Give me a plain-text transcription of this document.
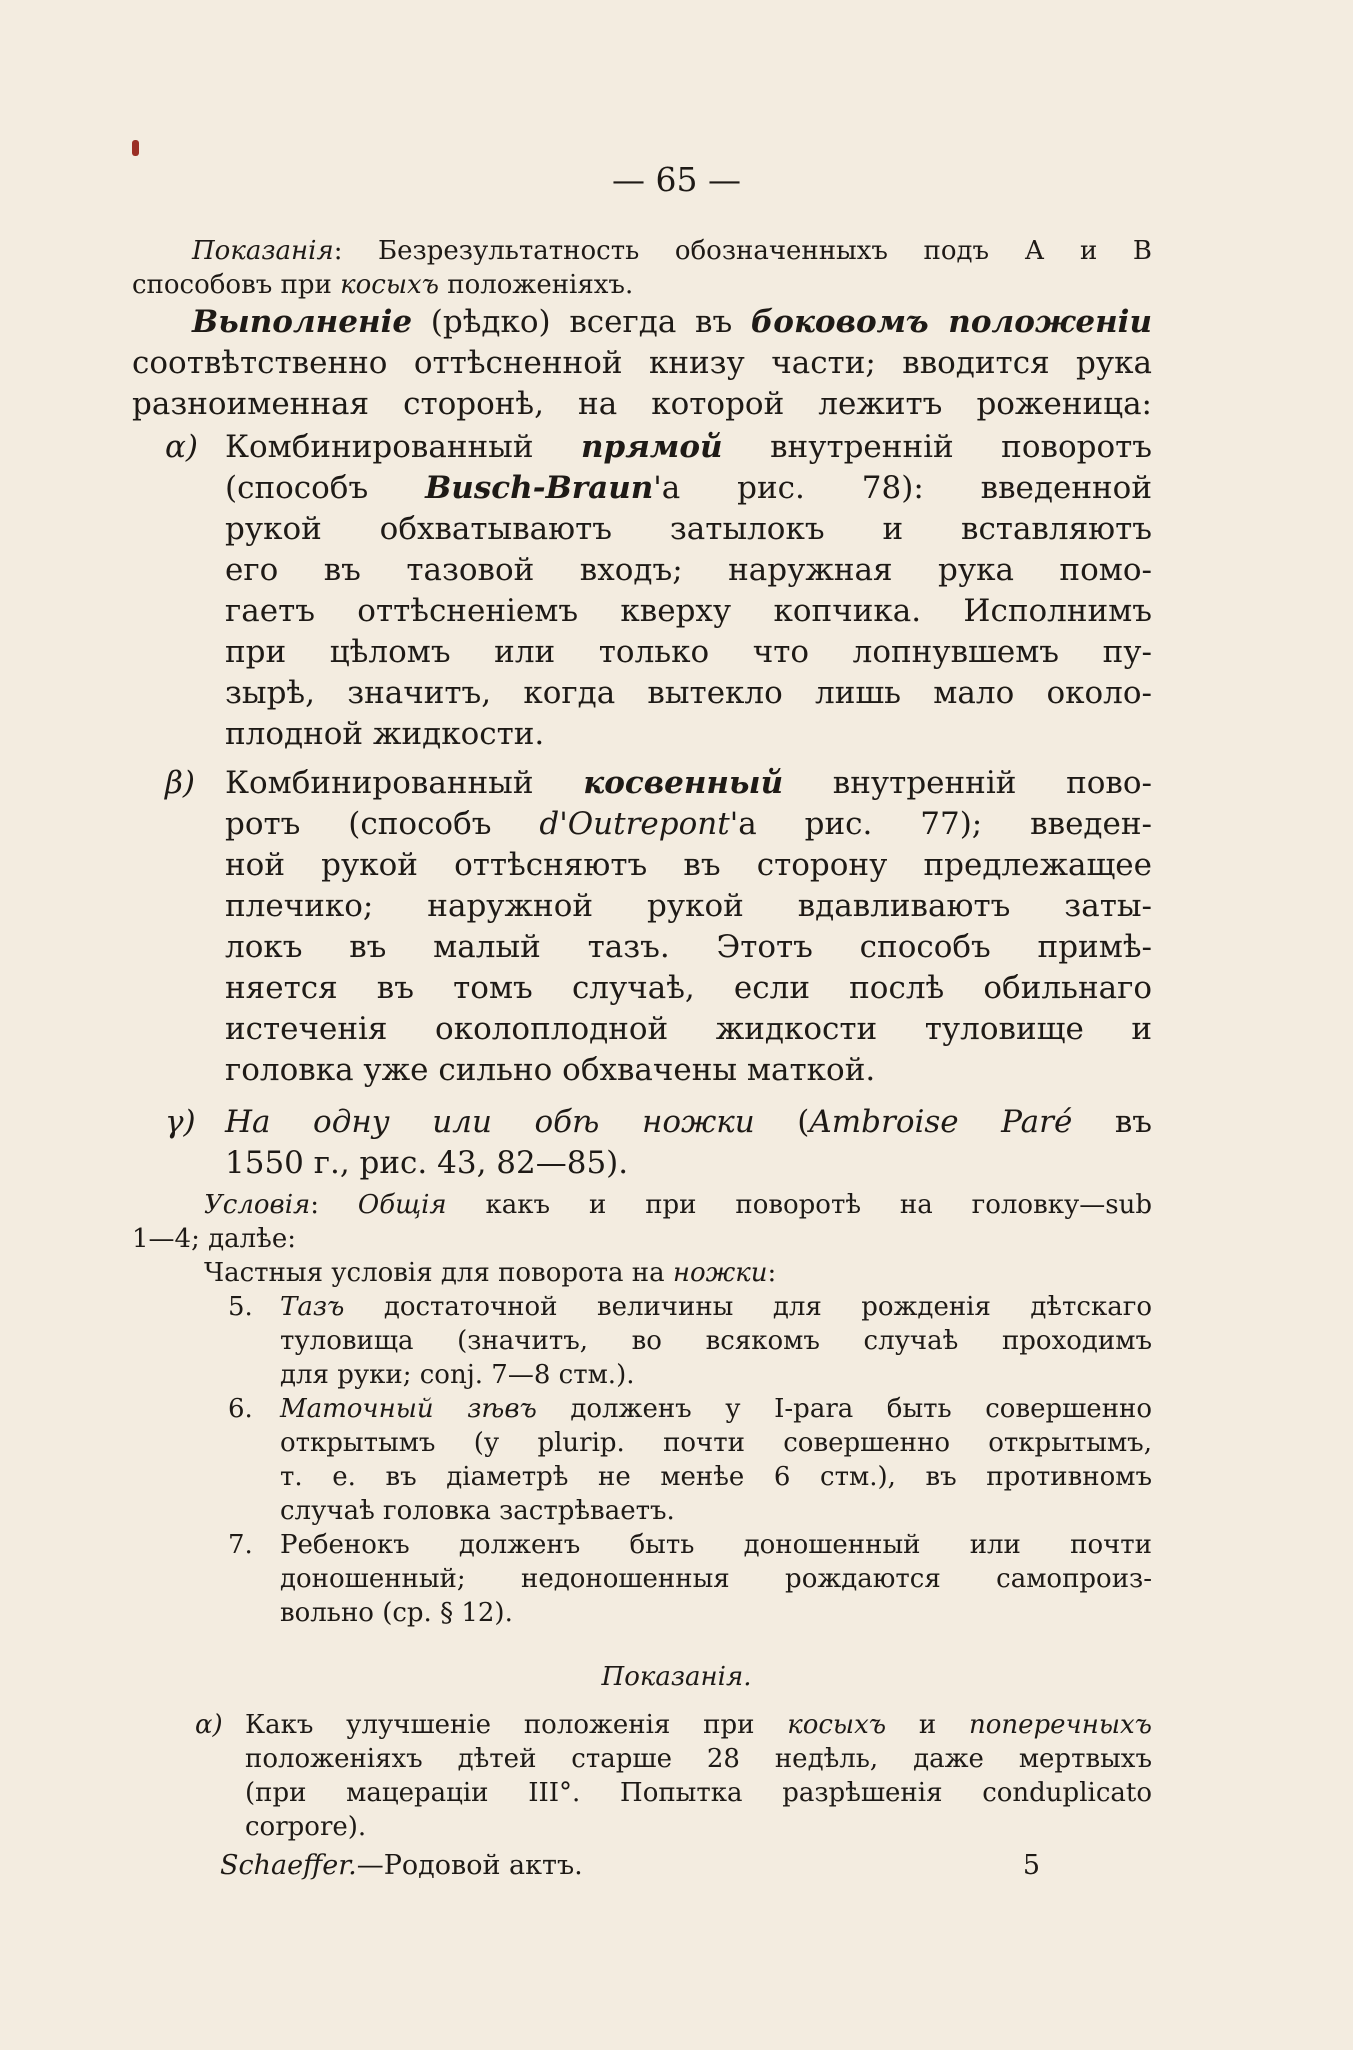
— 65 —
Показанія: Безрезультатность обозначенныхъ подъ А и В
способовъ при косыхъ положеніяхъ.
Выполненіе (рѣдко) всегда въ боковомъ положеніи
соотвѣтственно оттѣсненной книзу части; вводится рука
разноименная сторонѣ, на которой лежитъ роженица:
α) Комбинированный прямой внутренній поворотъ
(способъ Busch-Braun'а рис. 78): введенной
рукой обхватываютъ затылокъ и вставляютъ
его въ тазовой входъ; наружная рука помо-
гаетъ оттѣсненіемъ кверху копчика. Исполнимъ
при цѣломъ или только что лопнувшемъ пу-
зырѣ, значитъ, когда вытекло лишь мало около-
плодной жидкости.
β) Комбинированный косвенный внутренній пово-
ротъ (способъ d'Outrepont'а рис. 77); введен-
ной рукой оттѣсняютъ въ сторону предлежащее
плечико; наружной рукой вдавливаютъ заты-
локъ въ малый тазъ. Этотъ способъ примѣ-
няется въ томъ случаѣ, если послѣ обильнаго
истеченія околоплодной жидкости туловище и
головка уже сильно обхвачены маткой.
γ) На одну или обѣ ножки (Ambroise Paré въ
1550 г., рис. 43, 82—85).
Условія: Общія какъ и при поворотѣ на головку—sub
1—4; далѣе:
Частныя условія для поворота на ножки:
5. Тазъ достаточной величины для рожденія дѣтскаго
туловища (значитъ, во всякомъ случаѣ проходимъ
для руки; conj. 7—8 стм.).
6. Маточный зѣвъ долженъ у I-para быть совершенно
открытымъ (у plurip. почти совершенно открытымъ,
т. е. въ діаметрѣ не менѣе 6 стм.), въ противномъ
случаѣ головка застрѣваетъ.
7. Ребенокъ долженъ быть доношенный или почти
доношенный; недоношенныя рождаются самопроиз-
вольно (ср. § 12).
Показанія.
α) Какъ улучшеніе положенія при косыхъ и поперечныхъ
положеніяхъ дѣтей старше 28 недѣль, даже мертвыхъ
(при мацераціи III°. Попытка разрѣшенія conduplicato
corpore).
Schaeffer.—Родовой актъ.	5
